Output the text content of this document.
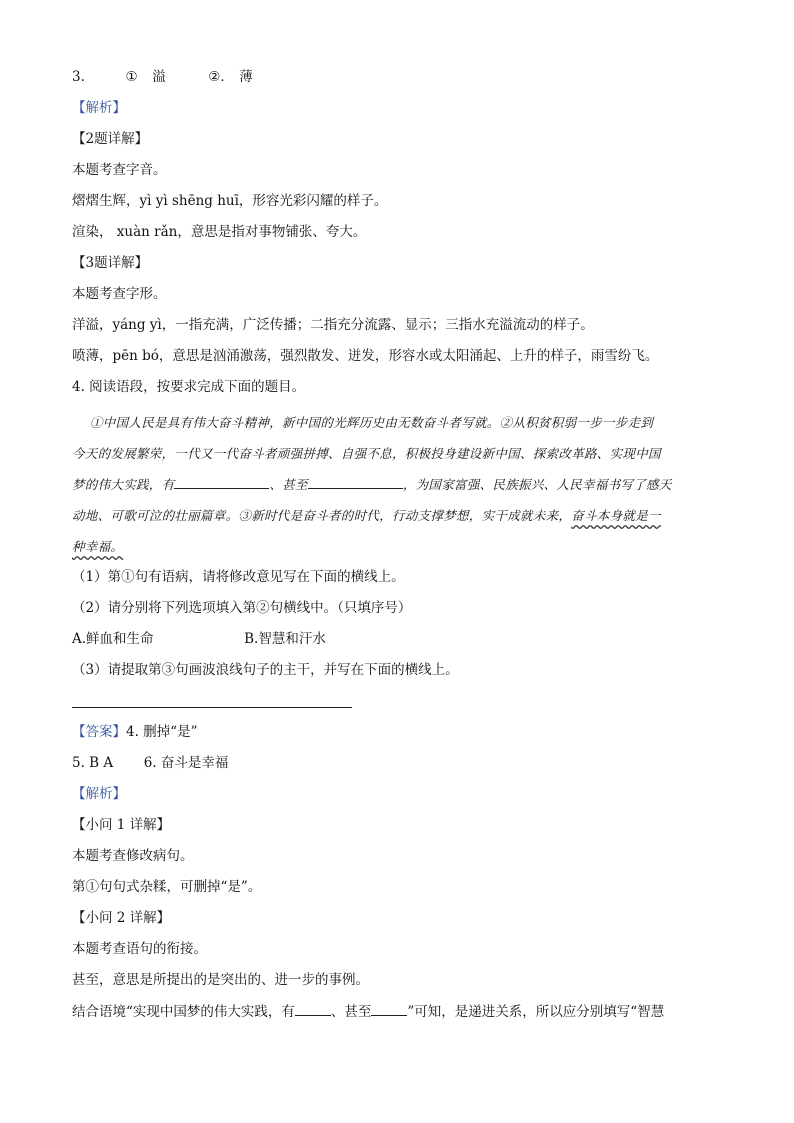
3.	① 溢	②. 薄
【解析】
【2题详解】
本题考查字音。
熠熠生辉，yì yì shēng huī，形容光彩闪耀的样子。
渲染， xuàn rǎn，意思是指对事物铺张、夸大。
【3题详解】
本题考查字形。
洋溢，yáng yì，一指充满，广泛传播；二指充分流露、显示；三指水充溢流动的样子。
喷薄，pēn bó，意思是汹涌激荡，强烈散发、迸发，形容水或太阳涌起、上升的样子，雨雪纷飞。
4. 阅读语段，按要求完成下面的题目。
①中国人民是具有伟大奋斗精神，新中国的光辉历史由无数奋斗者写就。②从积贫积弱一步一步走到
今天的发展繁荣，一代又一代奋斗者顽强拼搏、自强不息，积极投身建设新中国、探索改革路、实现中国
梦的伟大实践，有	、甚至	，为国家富强、民族振兴、人民幸福书写了感天
动地、可歌可泣的壮丽篇章。③新时代是奋斗者的时代，行动支撑梦想，实干成就未来，奋斗本身就是一
种幸福。
（1）第①句有语病，请将修改意见写在下面的横线上。
（2）请分别将下列选项填入第②句横线中。（只填序号）
A.鲜血和生命	B.智慧和汗水
（3）请提取第③句画波浪线句子的主干，并写在下面的横线上。
【答案】4. 删掉“是”
5. B A 6. 奋斗是幸福
【解析】
【小问 1 详解】
本题考查修改病句。
第①句句式杂糅，可删掉“是”。
【小问 2 详解】
本题考查语句的衔接。
甚至，意思是所提出的是突出的、进一步的事例。
结合语境“实现中国梦的伟大实践，有	、甚至	”可知，是递进关系，所以应分别填写“智慧
